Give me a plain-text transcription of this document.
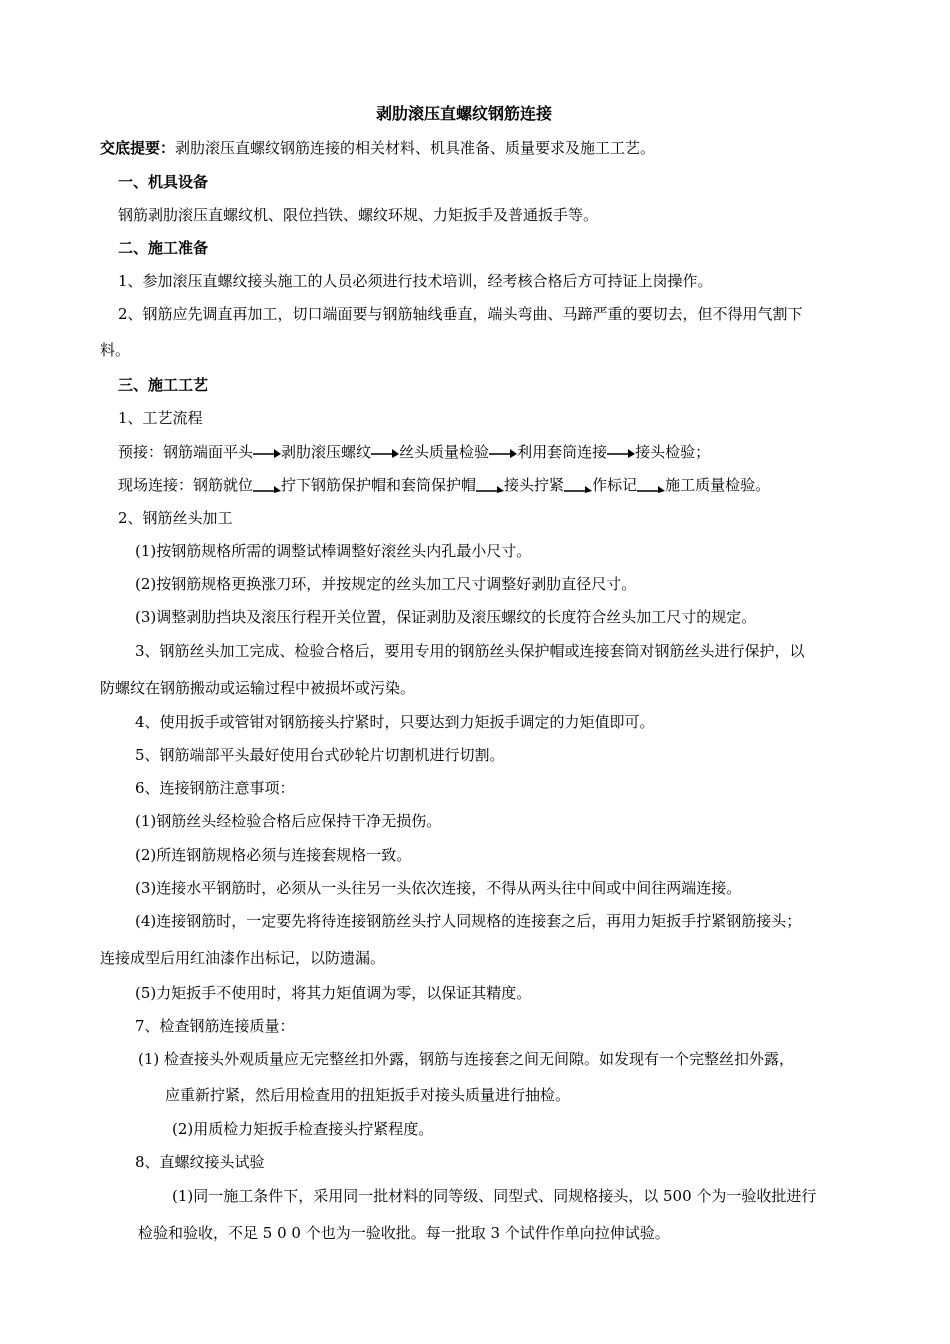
剥肋滚压直螺纹钢筋连接
交底提要：剥肋滚压直螺纹钢筋连接的相关材料、机具准备、质量要求及施工工艺。
一、机具设备
钢筋剥肋滚压直螺纹机、限位挡铁、螺纹环规、力矩扳手及普通扳手等。
二、施工准备
1、参加滚压直螺纹接头施工的人员必须进行技术培训，经考核合格后方可持证上岗操作。
2、钢筋应先调直再加工，切口端面要与钢筋轴线垂直，端头弯曲、马蹄严重的要切去，但不得用气割下
料。
三、施工工艺
1、工艺流程
预接：钢筋端面平头 剥肋滚压螺纹 丝头质量检验 利用套筒连接 接头检验；
现场连接：钢筋就位 拧下钢筋保护帽和套筒保护帽 接头拧紧 作标记 施工质量检验。
2、钢筋丝头加工
(1)按钢筋规格所需的调整试棒调整好滚丝头内孔最小尺寸。
(2)按钢筋规格更换涨刀环，并按规定的丝头加工尺寸调整好剥肋直径尺寸。
(3)调整剥肋挡块及滚压行程开关位置，保证剥肋及滚压螺纹的长度符合丝头加工尺寸的规定。
3、钢筋丝头加工完成、检验合格后，要用专用的钢筋丝头保护帽或连接套筒对钢筋丝头进行保护，以
防螺纹在钢筋搬动或运输过程中被损坏或污染。
4、使用扳手或管钳对钢筋接头拧紧时，只要达到力矩扳手调定的力矩值即可。
5、钢筋端部平头最好使用台式砂轮片切割机进行切割。
6、连接钢筋注意事项：
(1)钢筋丝头经检验合格后应保持干净无损伤。
(2)所连钢筋规格必须与连接套规格一致。
(3)连接水平钢筋时，必须从一头往另一头依次连接，不得从两头往中间或中间往两端连接。
(4)连接钢筋时，一定要先将待连接钢筋丝头拧人同规格的连接套之后，再用力矩扳手拧紧钢筋接头；
连接成型后用红油漆作出标记，以防遗漏。
(5)力矩扳手不使用时，将其力矩值调为零，以保证其精度。
7、检查钢筋连接质量：
(1) 检查接头外观质量应无完整丝扣外露，钢筋与连接套之间无间隙。如发现有一个完整丝扣外露，
应重新拧紧，然后用检查用的扭矩扳手对接头质量进行抽检。
(2)用质检力矩扳手检查接头拧紧程度。
8、直螺纹接头试验
(1)同一施工条件下，采用同一批材料的同等级、同型式、同规格接头，以 500 个为一验收批进行
检验和验收，不足 5 0 0 个也为一验收批。每一批取 3 个试件作单向拉伸试验。
